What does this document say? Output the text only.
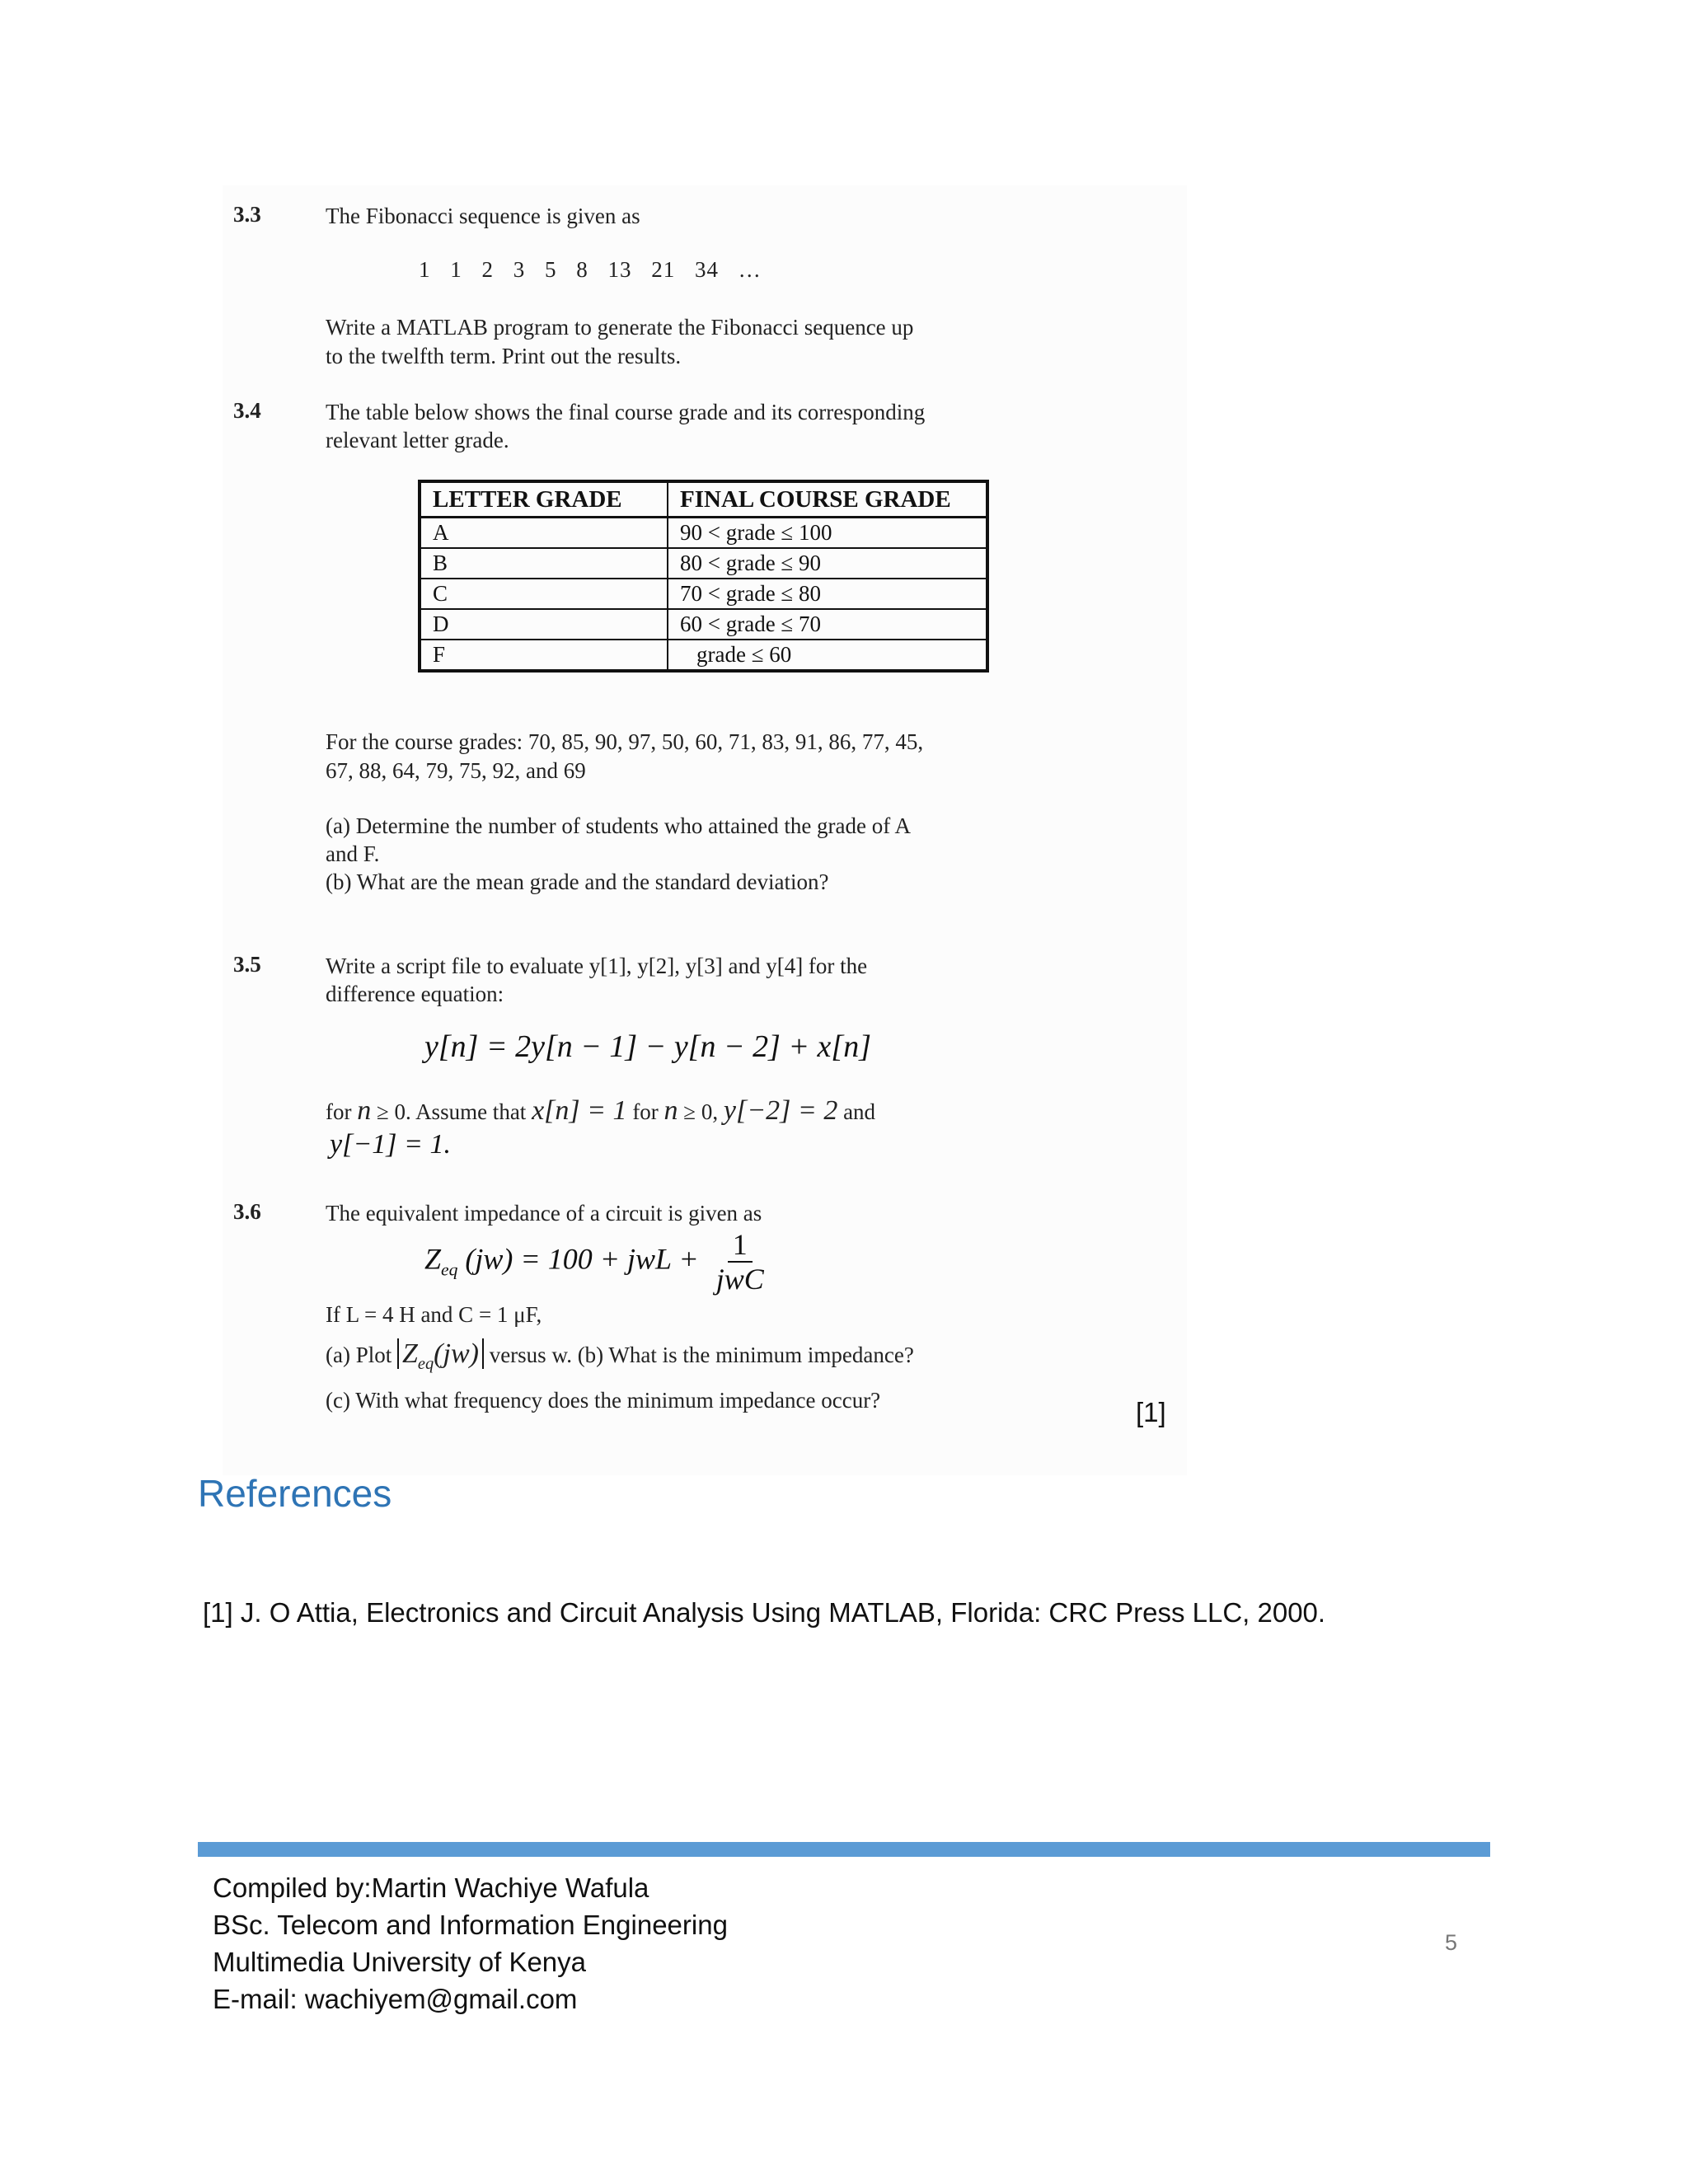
3.3	The Fibonacci sequence is given as
1 1 2 3 5 8 13 21 34 …
Write a MATLAB program to generate the Fibonacci sequence up
to the twelfth term. Print out the results.
3.4	The table below shows the final course grade and its corresponding
relevant letter grade.
LETTER GRADE	FINAL COURSE GRADE
A	90 < grade ≤ 100
B	80 < grade ≤ 90
C	70 < grade ≤ 80
D	60 < grade ≤ 70
F	grade ≤ 60
For the course grades: 70, 85, 90, 97, 50, 60, 71, 83, 91, 86, 77, 45,
67, 88, 64, 79, 75, 92, and 69
(a) Determine the number of students who attained the grade of A
and F.
(b) What are the mean grade and the standard deviation?
3.5	Write a script file to evaluate y[1], y[2], y[3] and y[4] for the
difference equation:
y[n] = 2y[n − 1] − y[n − 2] + x[n]
for n ≥ 0. Assume that x[n] = 1 for n ≥ 0, y[−2] = 2 and
y[−1] = 1.
3.6	The equivalent impedance of a circuit is given as
$Z_{eq}$ (jw) = 100 + jwL + $\frac{1}{\text{jwC}}$
If L = 4 H and C = 1 μF,
(a) Plot $Z_{eq}(jw)$ versus w. (b) What is the minimum impedance?
(c) With what frequency does the minimum impedance occur?	[1]
References
[1] J. O Attia, Electronics and Circuit Analysis Using MATLAB, Florida: CRC Press LLC, 2000.
Compiled by:Martin Wachiye Wafula
BSc. Telecom and Information Engineering
Multimedia University of Kenya
E-mail: wachiyem@gmail.com
5
